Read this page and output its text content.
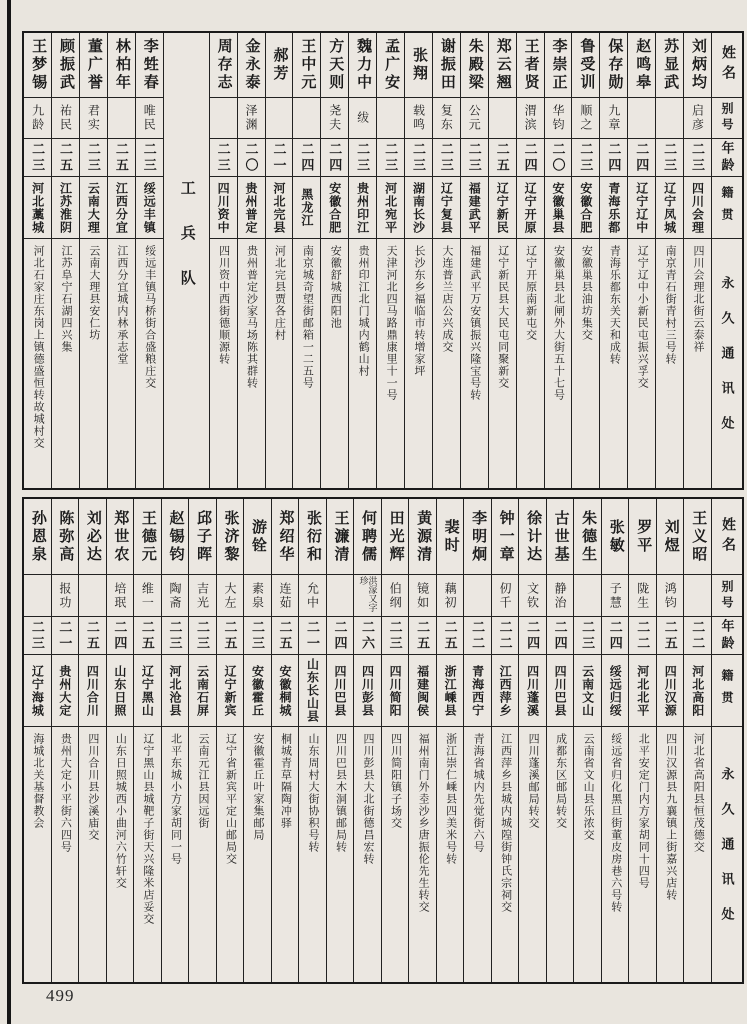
姓名
别号
年龄
籍贯
永久通讯处
刘炳均
启彦
二三
四川会理
四川会理北街云泰祥
苏显武
二三
辽宁凤城
南京青石街青村三号转
赵鸣皋
二四
辽宁辽中
辽宁辽中小新民屯振兴孚交
保存勋
九章
二四
青海乐都
青海乐都东关天和成转
鲁受训
顺之
二三
安徽合肥
安徽巢县油坊集交
李崇正
华钧
二〇
安徽巢县
安徽巢县北闸外大街五十七号
王者贤
渭滨
二四
辽宁开原
辽宁开原南新屯交
郑云翘
二五
辽宁新民
辽宁新民县大民屯同聚新交
朱殿梁
公元
二三
福建武平
福建武平万安镇振兴隆宝号转
谢振田
复东
二三
辽宁复县
大连普兰店公兴成交
张翔
载鸣
二三
湖南长沙
长沙东乡福临市转增家坪
孟广安
二三
河北宛平
天津河北四马路鼎康里十一号
魏力中
绂
二三
贵州印江
贵州印江北门城内鹤山村
方天则
尧夫
二四
安徽合肥
安徽舒城西阳池
王中元
二四
黑龙江
南京城奇望街邮箱一二五号
郝芳
二一
河北完县
河北完县贾各庄村
金永泰
泽渊
二〇
贵州普定
贵州普定沙家马场陈其群转
周存志
二三
四川资中
四川资中西街德顺源转
工兵队
李甡春
唯民
二三
绥远丰镇
绥远丰镇马桥街合盛粮庄交
林柏年
二五
江西分宜
江西分宜城内林承志堂
董广誉
君实
二三
云南大理
云南大理县安仁坊
顾振武
祐民
二五
江苏淮阴
江苏阜宁石湖四兴集
王梦锡
九龄
二三
河北藁城
河北石家庄东岗上镇德盛恒转故城村交
姓名
别号
年龄
籍贯
永久通讯处
王义昭
二二
河北高阳
河北省高阳县恒茂德交
刘煜
鸿钧
二五
四川汉源
四川汉源县九襄镇上街嘉兴店转
罗平
陇生
二二
河北北平
北平安定门内方家胡同十四号
张敏
子慧
二四
绥远归绥
绥远省归化黑旦街董皮房巷六号转
朱德生
二三
云南文山
云南省文山县乐浓交
古世基
静治
二四
四川巴县
成都东区邮局转交
徐计达
文钦
二四
四川蓬溪
四川蓬溪邮局转交
钟一章
仞千
二二
江西萍乡
江西萍乡县城内城隍街钟氏宗祠交
李明炯
二二
青海西宁
青海省城内先觉街六号
裴时
藕初
二五
浙江嵊县
浙江崇仁嵊县四美米号转
黄源清
镜如
二五
福建闽侯
福州南门外坴沙乡唐振伦先生转交
田光辉
伯纲
二三
四川简阳
四川简阳镇子场交
何聘儒
洪溕又字珍
二六
四川彭县
四川彭县大北街德昌宏转
王濂清
二四
四川巴县
四川巴县木洞镇邮局转
张衍和
允中
二一
山东长山县
山东周村大街协积号转
郑绍华
连茹
二五
安徽桐城
桐城青草隔陶冲驿
游铨
素泉
二三
安徽霍丘
安徽霍丘叶家集邮局
张济黎
大左
二五
辽宁新宾
辽宁省新宾平定山邮局交
邱子晖
吉光
二三
云南石屏
云南元江县因远街
赵锡钧
陶斋
二三
河北沧县
北平东城小方家胡同一号
王德元
维一
二五
辽宁黑山
辽宁黑山县城靶子街天兴隆米店妥交
郑世农
培珉
二四
山东日照
山东日照城西小曲河六竹轩交
刘必达
二五
四川合川
四川合川县沙溪庙交
陈弥高
报功
二一
贵州大定
贵州大定小平街六四号
孙恩泉
二三
辽宁海城
海城北关基督教会
499
